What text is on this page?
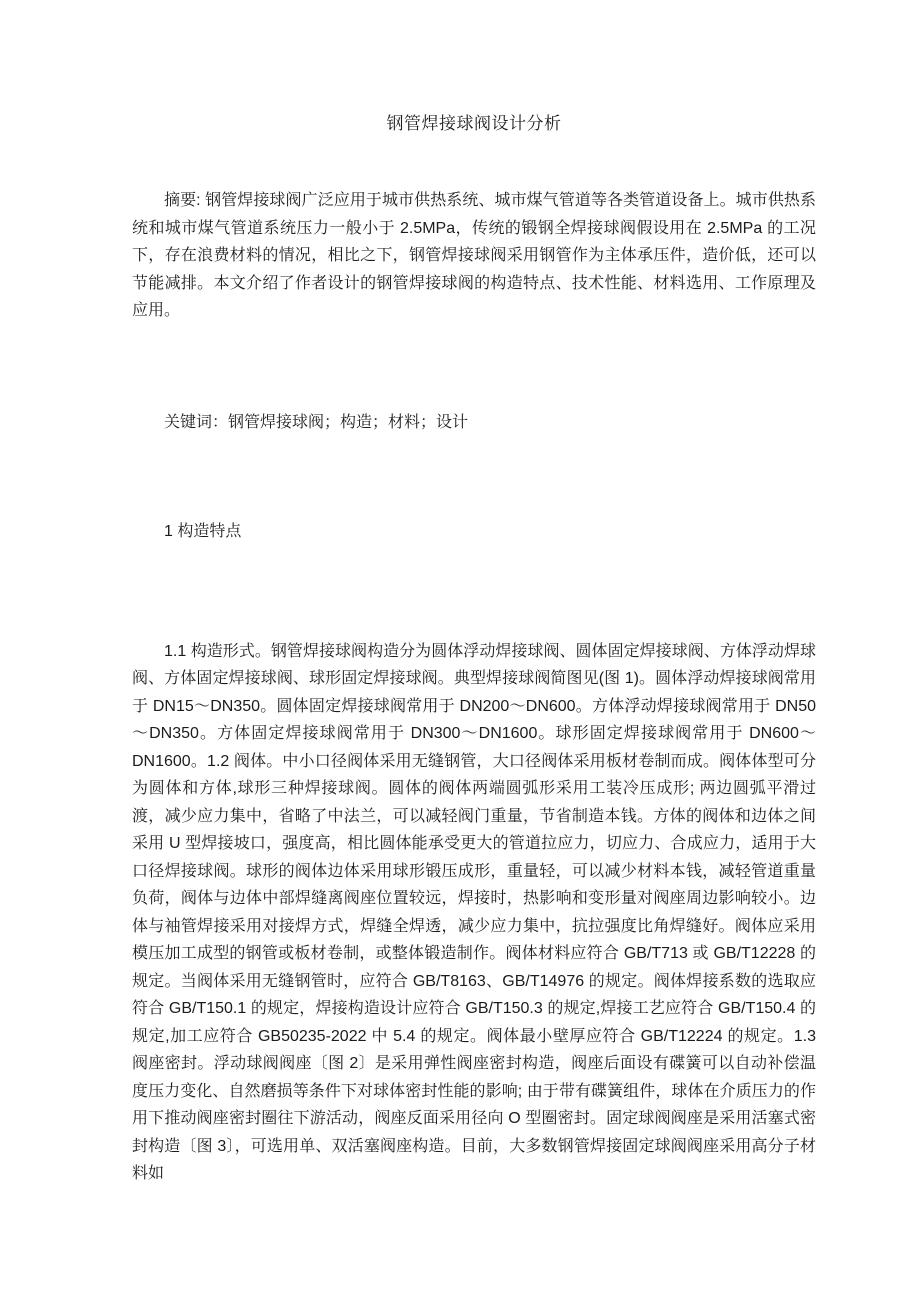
钢管焊接球阀设计分析

摘要: 钢管焊接球阀广泛应用于城市供热系统、城市煤气管道等各类管道设备上。城市供热系统和城市煤气管道系统压力一般小于 2.5MPa，传统的锻钢全焊接球阀假设用在 2.5MPa 的工况下，存在浪费材料的情况，相比之下，钢管焊接球阀采用钢管作为主体承压件，造价低，还可以节能减排。本文介绍了作者设计的钢管焊接球阀的构造特点、技术性能、材料选用、工作原理及应用。

关键词：钢管焊接球阀；构造；材料；设计

1 构造特点

1.1 构造形式。钢管焊接球阀构造分为圆体浮动焊接球阀、圆体固定焊接球阀、方体浮动焊球阀、方体固定焊接球阀、球形固定焊接球阀。典型焊接球阀简图见(图 1)。圆体浮动焊接球阀常用于 DN15～DN350。圆体固定焊接球阀常用于 DN200～DN600。方体浮动焊接球阀常用于 DN50～DN350。方体固定焊接球阀常用于 DN300～DN1600。球形固定焊接球阀常用于 DN600～DN1600。1.2 阀体。中小口径阀体采用无缝钢管，大口径阀体采用板材卷制而成。阀体体型可分为圆体和方体,球形三种焊接球阀。圆体的阀体两端圆弧形采用工装冷压成形; 两边圆弧平滑过渡，减少应力集中，省略了中法兰，可以减轻阀门重量，节省制造本钱。方体的阀体和边体之间采用 U 型焊接坡口，强度高，相比圆体能承受更大的管道拉应力，切应力、合成应力，适用于大口径焊接球阀。球形的阀体边体采用球形锻压成形，重量轻，可以减少材料本钱，减轻管道重量负荷，阀体与边体中部焊缝离阀座位置较远，焊接时，热影响和变形量对阀座周边影响较小。边体与袖管焊接采用对接焊方式，焊缝全焊透，减少应力集中，抗拉强度比角焊缝好。阀体应采用模压加工成型的钢管或板材卷制，或整体锻造制作。阀体材料应符合 GB/T713 或 GB/T12228 的规定。当阀体采用无缝钢管时，应符合 GB/T8163、GB/T14976 的规定。阀体焊接系数的选取应符合 GB/T150.1 的规定，焊接构造设计应符合 GB/T150.3 的规定,焊接工艺应符合 GB/T150.4 的规定,加工应符合 GB50235-2022 中 5.4 的规定。阀体最小壁厚应符合 GB/T12224 的规定。1.3 阀座密封。浮动球阀阀座〔图 2〕是采用弹性阀座密封构造，阀座后面设有碟簧可以自动补偿温度压力变化、自然磨损等条件下对球体密封性能的影响; 由于带有碟簧组件，球体在介质压力的作用下推动阀座密封圈往下游活动，阀座反面采用径向 O 型圈密封。固定球阀阀座是采用活塞式密封构造〔图 3〕，可选用单、双活塞阀座构造。目前，大多数钢管焊接固定球阀阀座采用高分子材料如
